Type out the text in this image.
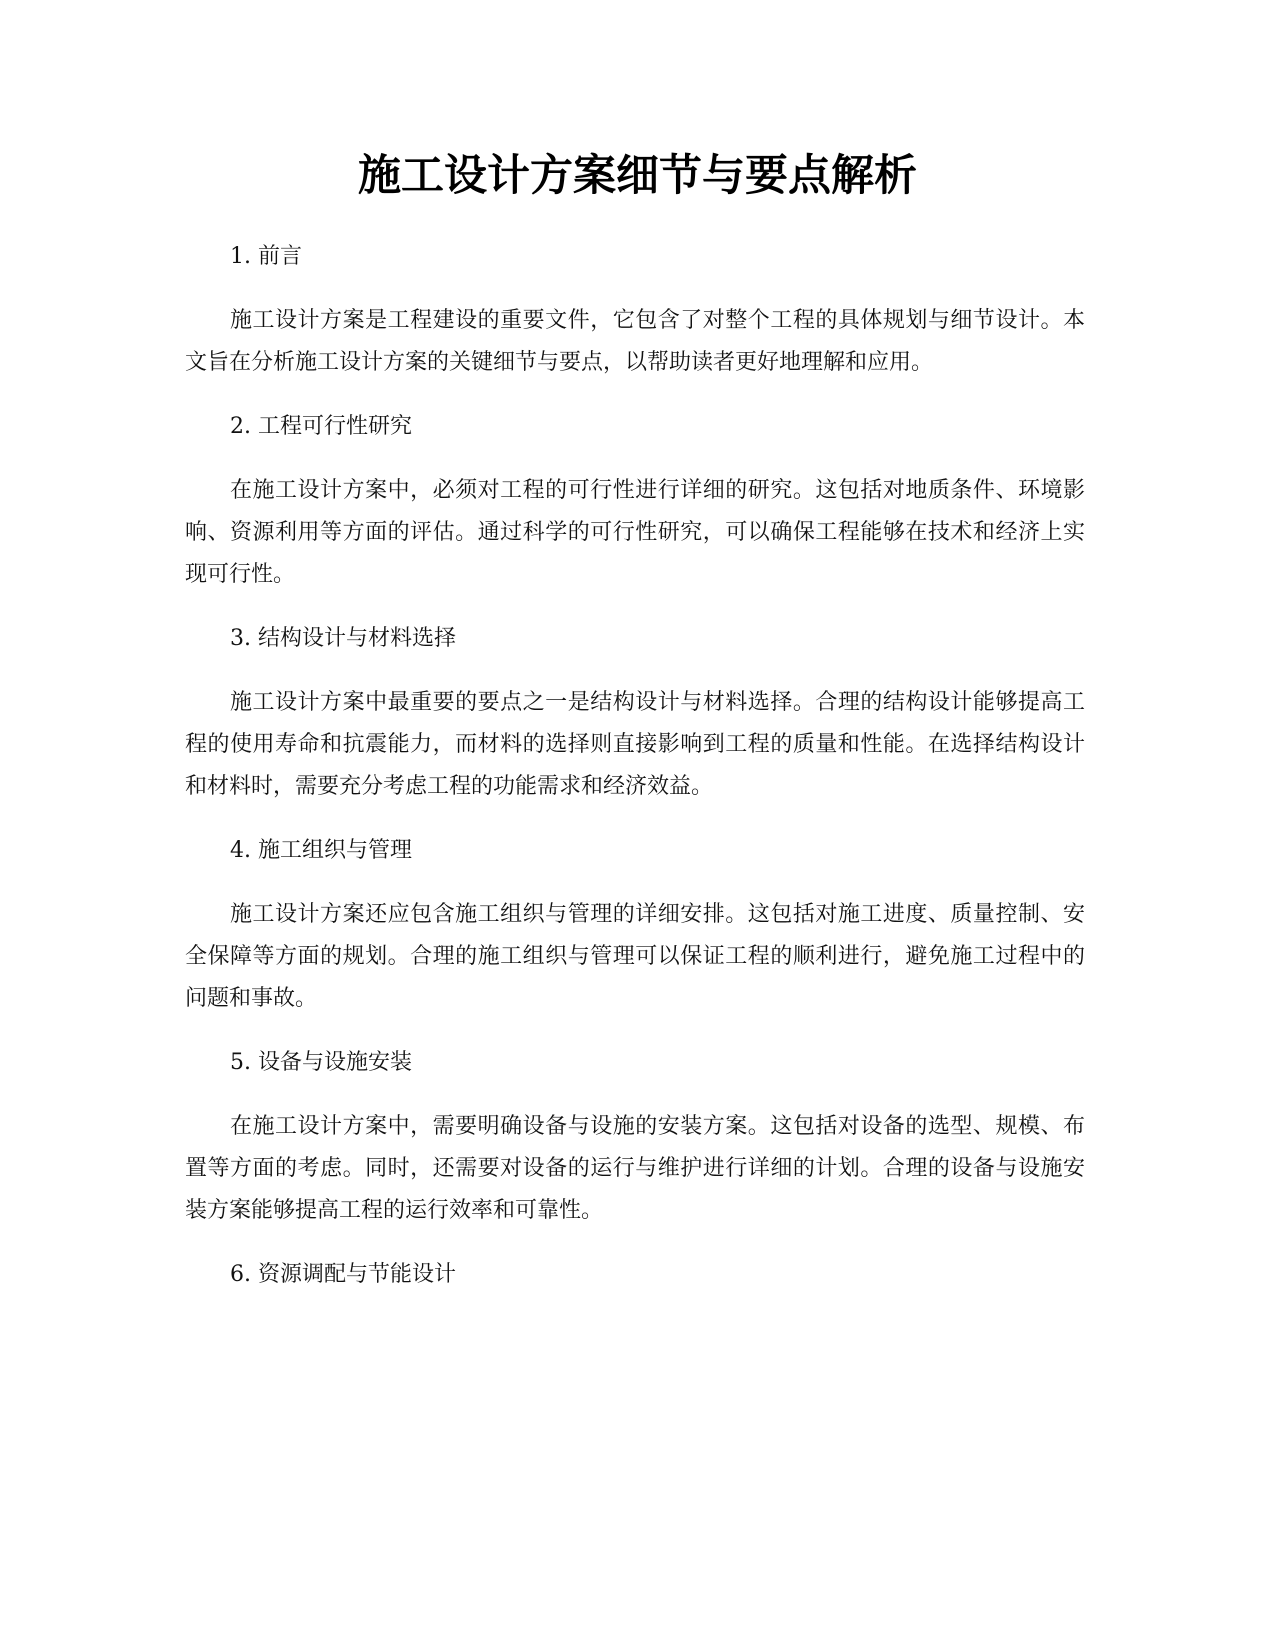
施工设计方案细节与要点解析

1. 前言

施工设计方案是工程建设的重要文件，它包含了对整个工程的具体规划与细节设计。本文旨在分析施工设计方案的关键细节与要点，以帮助读者更好地理解和应用。

2. 工程可行性研究

在施工设计方案中，必须对工程的可行性进行详细的研究。这包括对地质条件、环境影响、资源利用等方面的评估。通过科学的可行性研究，可以确保工程能够在技术和经济上实现可行性。

3. 结构设计与材料选择

施工设计方案中最重要的要点之一是结构设计与材料选择。合理的结构设计能够提高工程的使用寿命和抗震能力，而材料的选择则直接影响到工程的质量和性能。在选择结构设计和材料时，需要充分考虑工程的功能需求和经济效益。

4. 施工组织与管理

施工设计方案还应包含施工组织与管理的详细安排。这包括对施工进度、质量控制、安全保障等方面的规划。合理的施工组织与管理可以保证工程的顺利进行，避免施工过程中的问题和事故。

5. 设备与设施安装

在施工设计方案中，需要明确设备与设施的安装方案。这包括对设备的选型、规模、布置等方面的考虑。同时，还需要对设备的运行与维护进行详细的计划。合理的设备与设施安装方案能够提高工程的运行效率和可靠性。

6. 资源调配与节能设计
